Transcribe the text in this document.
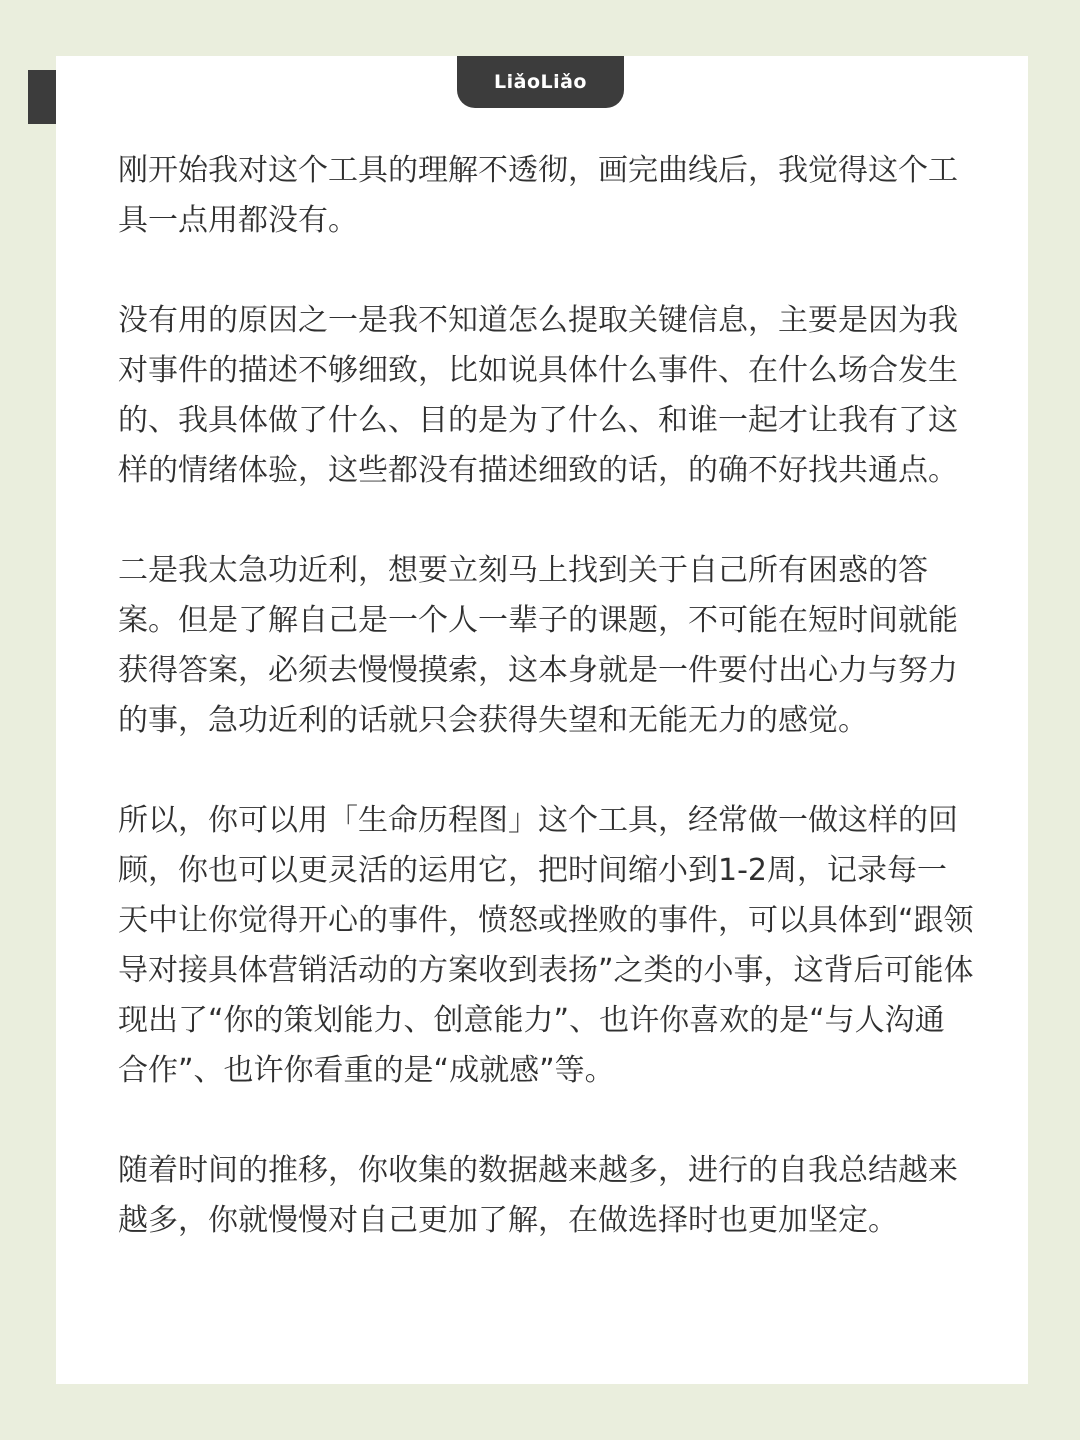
LiǎoLiǎo

刚开始我对这个工具的理解不透彻，画完曲线后，我觉得这个工具一点用都没有。

没有用的原因之一是我不知道怎么提取关键信息，主要是因为我对事件的描述不够细致，比如说具体什么事件、在什么场合发生的、我具体做了什么、目的是为了什么、和谁一起才让我有了这样的情绪体验，这些都没有描述细致的话，的确不好找共通点。

二是我太急功近利，想要立刻马上找到关于自己所有困惑的答案。但是了解自己是一个人一辈子的课题，不可能在短时间就能获得答案，必须去慢慢摸索，这本身就是一件要付出心力与努力的事，急功近利的话就只会获得失望和无能无力的感觉。

所以，你可以用「生命历程图」这个工具，经常做一做这样的回顾，你也可以更灵活的运用它，把时间缩小到1-2周，记录每一天中让你觉得开心的事件，愤怒或挫败的事件，可以具体到“跟领导对接具体营销活动的方案收到表扬”之类的小事，这背后可能体现出了“你的策划能力、创意能力”、也许你喜欢的是“与人沟通合作”、也许你看重的是“成就感”等。

随着时间的推移，你收集的数据越来越多，进行的自我总结越来越多，你就慢慢对自己更加了解，在做选择时也更加坚定。
